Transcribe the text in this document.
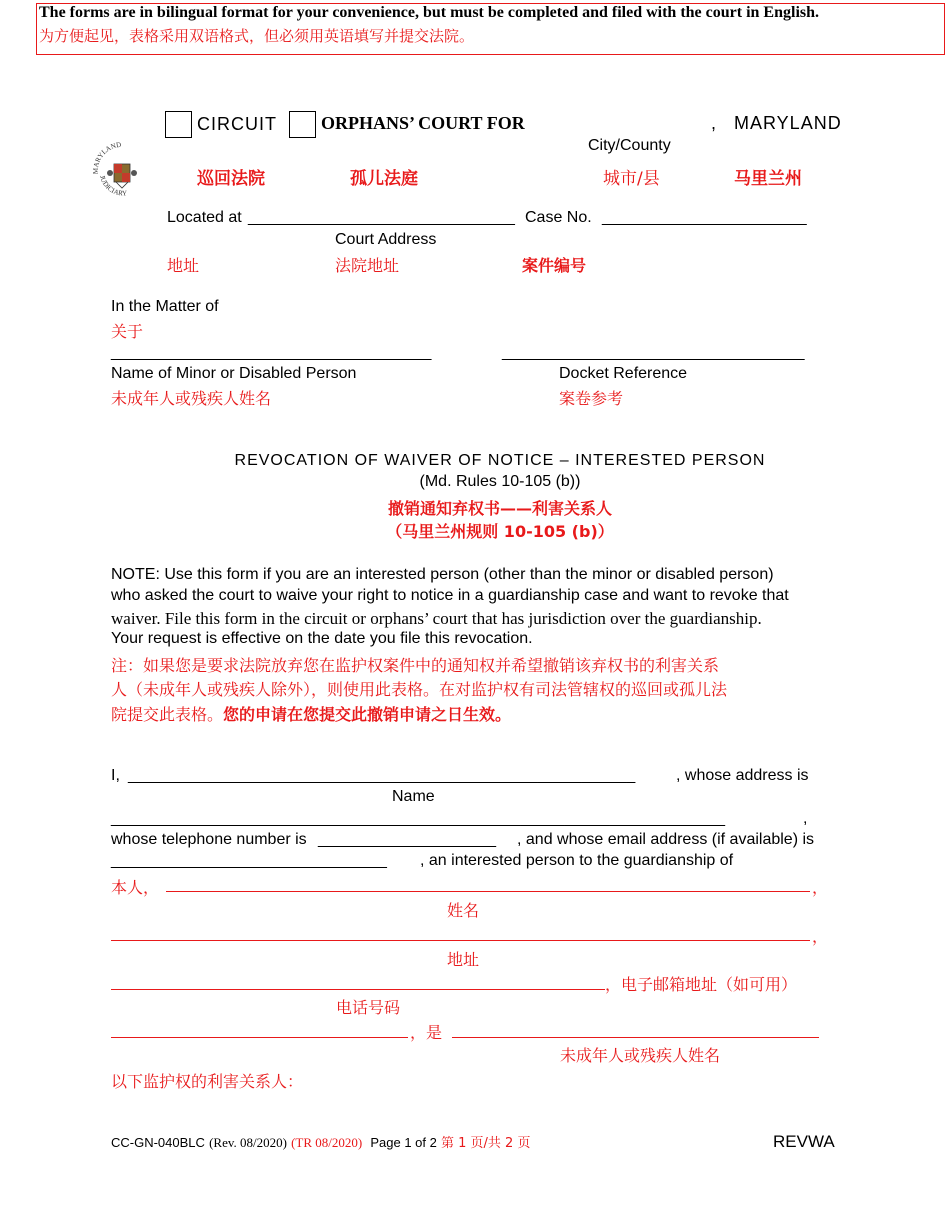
The forms are in bilingual format for your convenience, but must be completed and filed with the court in English.
为方便起见，表格采用双语格式，但必须用英语填写并提交法院。
MARYLAND
JUDICIARY
CIRCUIT ORPHANS’ COURT FOR	, MARYLAND
City/County
巡回法院	孤儿法庭	城市/县	马里兰州
Located at ______________________________ Case No. _______________________
Court Address
地址	法院地址	案件编号
In the Matter of
关于
____________________________________	__________________________________
Name of Minor or Disabled Person	Docket Reference
未成年人或残疾人姓名	案卷参考
REVOCATION OF WAIVER OF NOTICE – INTERESTED PERSON
(Md. Rules 10-105 (b))
撤销通知弃权书——利害关系人
（马里兰州规则 10-105 (b)）
NOTE: Use this form if you are an interested person (other than the minor or disabled person)
who asked the court to waive your right to notice in a guardianship case and want to revoke that
waiver. File this form in the circuit or orphans’ court that has jurisdiction over the guardianship.
Your request is effective on the date you file this revocation.
注：如果您是要求法院放弃您在监护权案件中的通知权并希望撤销该弃权书的利害关系
人（未成年人或残疾人除外），则使用此表格。在对监护权有司法管辖权的巡回或孤儿法
院提交此表格。您的申请在您提交此撤销申请之日生效。
I, _________________________________________________________	, whose address is
Name
_____________________________________________________________________	,
whose telephone number is ____________________ , and whose email address (if available) is
_______________________________ , an interested person to the guardianship of
本人，	，
姓名
，
地址
，电子邮箱地址（如可用）
电话号码
，是
未成年人或残疾人姓名
以下监护权的利害关系人：
CC-GN-040BLC (Rev. 08/2020) (TR 08/2020) Page 1 of 2 第 1 页/共 2 页	REVWA
